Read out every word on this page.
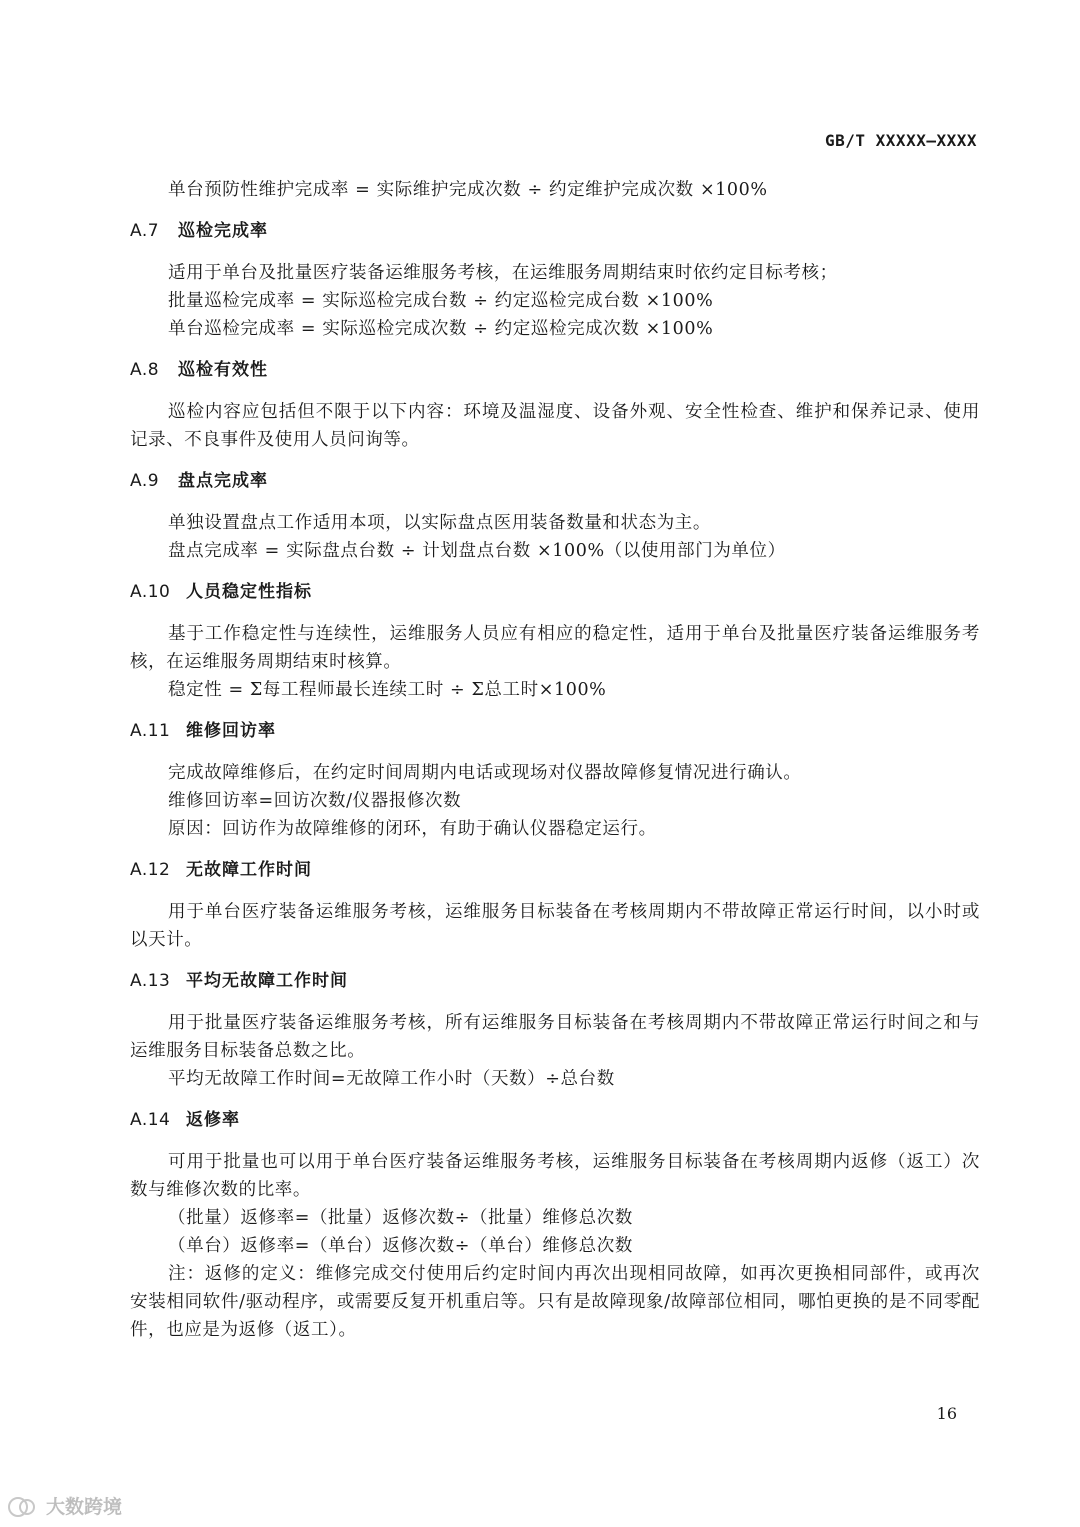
GB/T XXXXX—XXXX

单台预防性维护完成率 = 实际维护完成次数 ÷ 约定维护完成次数 ×100%

A.7	巡检完成率

适用于单台及批量医疗装备运维服务考核，在运维服务周期结束时依约定目标考核；

批量巡检完成率 = 实际巡检完成台数 ÷ 约定巡检完成台数 ×100%

单台巡检完成率 = 实际巡检完成次数 ÷ 约定巡检完成次数 ×100%

A.8	巡检有效性

巡检内容应包括但不限于以下内容：环境及温湿度、设备外观、安全性检查、维护和保养记录、使用记录、不良事件及使用人员问询等。

A.9	盘点完成率

单独设置盘点工作适用本项，以实际盘点医用装备数量和状态为主。

盘点完成率 = 实际盘点台数 ÷ 计划盘点台数 ×100%（以使用部门为单位）

A.10 人员稳定性指标

基于工作稳定性与连续性，运维服务人员应有相应的稳定性，适用于单台及批量医疗装备运维服务考核，在运维服务周期结束时核算。

稳定性 = Σ每工程师最长连续工时 ÷ Σ总工时×100%

A.11 维修回访率

完成故障维修后，在约定时间周期内电话或现场对仪器故障修复情况进行确认。

维修回访率=回访次数/仪器报修次数

原因：回访作为故障维修的闭环，有助于确认仪器稳定运行。

A.12 无故障工作时间

用于单台医疗装备运维服务考核，运维服务目标装备在考核周期内不带故障正常运行时间，以小时或以天计。

A.13 平均无故障工作时间

用于批量医疗装备运维服务考核，所有运维服务目标装备在考核周期内不带故障正常运行时间之和与运维服务目标装备总数之比。

平均无故障工作时间=无故障工作小时（天数）÷总台数

A.14 返修率

可用于批量也可以用于单台医疗装备运维服务考核，运维服务目标装备在考核周期内返修（返工）次数与维修次数的比率。

（批量）返修率=（批量）返修次数÷（批量）维修总次数

（单台）返修率=（单台）返修次数÷（单台）维修总次数

注：返修的定义：维修完成交付使用后约定时间内再次出现相同故障，如再次更换相同部件，或再次安装相同软件/驱动程序，或需要反复开机重启等。只有是故障现象/故障部位相同，哪怕更换的是不同零配件，也应是为返修（返工）。

16
大数跨境
